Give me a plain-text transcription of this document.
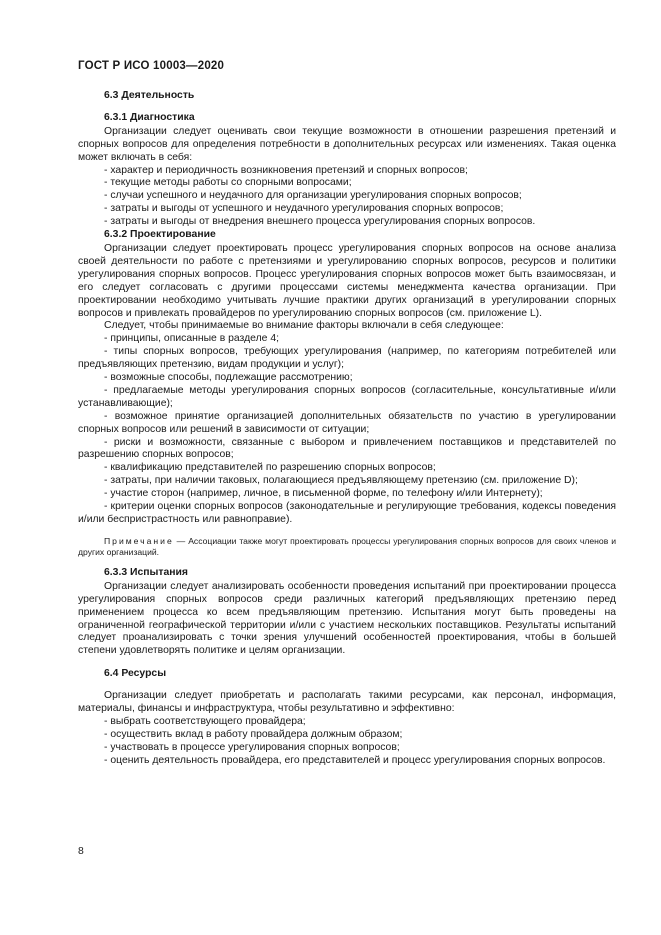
ГОСТ Р ИСО 10003—2020
6.3 Деятельность
6.3.1 Диагностика

Организации следует оценивать свои текущие возможности в отношении разрешения претензий и спорных вопросов для определения потребности в дополнительных ресурсах или изменениях. Такая оценка может включать в себя:

- характер и периодичность возникновения претензий и спорных вопросов;

- текущие методы работы со спорными вопросами;

- случаи успешного и неудачного для организации урегулирования спорных вопросов;

- затраты и выгоды от успешного и неудачного урегулирования спорных вопросов;

- затраты и выгоды от внедрения внешнего процесса урегулирования спорных вопросов.

6.3.2 Проектирование

Организации следует проектировать процесс урегулирования спорных вопросов на основе анализа своей деятельности по работе с претензиями и урегулированию спорных вопросов, ресурсов и политики урегулирования спорных вопросов. Процесс урегулирования спорных вопросов может быть взаимосвязан, и его следует согласовать с другими процессами системы менеджмента качества организации. При проектировании необходимо учитывать лучшие практики других организаций в урегулировании спорных вопросов и привлекать провайдеров по урегулированию спорных вопросов (см. приложение L).

Следует, чтобы принимаемые во внимание факторы включали в себя следующее:

- принципы, описанные в разделе 4;

- типы спорных вопросов, требующих урегулирования (например, по категориям потребителей или предъявляющих претензию, видам продукции и услуг);

- возможные способы, подлежащие рассмотрению;

- предлагаемые методы урегулирования спорных вопросов (согласительные, консультативные и/или устанавливающие);

- возможное принятие организацией дополнительных обязательств по участию в урегулировании спорных вопросов или решений в зависимости от ситуации;

- риски и возможности, связанные с выбором и привлечением поставщиков и представителей по разрешению спорных вопросов;

- квалификацию представителей по разрешению спорных вопросов;

- затраты, при наличии таковых, полагающиеся предъявляющему претензию (см. приложение D);

- участие сторон (например, личное, в письменной форме, по телефону и/или Интернету);

- критерии оценки спорных вопросов (законодательные и регулирующие требования, кодексы поведения и/или беспристрастность или равноправие).

Примечание — Ассоциации также могут проектировать процессы урегулирования спорных вопросов для своих членов и других организаций.

6.3.3 Испытания

Организации следует анализировать особенности проведения испытаний при проектировании процесса урегулирования спорных вопросов среди различных категорий предъявляющих претензию перед применением процесса ко всем предъявляющим претензию. Испытания могут быть проведены на ограниченной географической территории и/или с участием нескольких поставщиков. Результаты испытаний следует проанализировать с точки зрения улучшений особенностей проектирования, чтобы в большей степени удовлетворять политике и целям организации.

6.4 Ресурсы

Организации следует приобретать и располагать такими ресурсами, как персонал, информация, материалы, финансы и инфраструктура, чтобы результативно и эффективно:

- выбрать соответствующего провайдера;

- осуществить вклад в работу провайдера должным образом;

- участвовать в процессе урегулирования спорных вопросов;

- оценить деятельность провайдера, его представителей и процесс урегулирования спорных вопросов.

8
